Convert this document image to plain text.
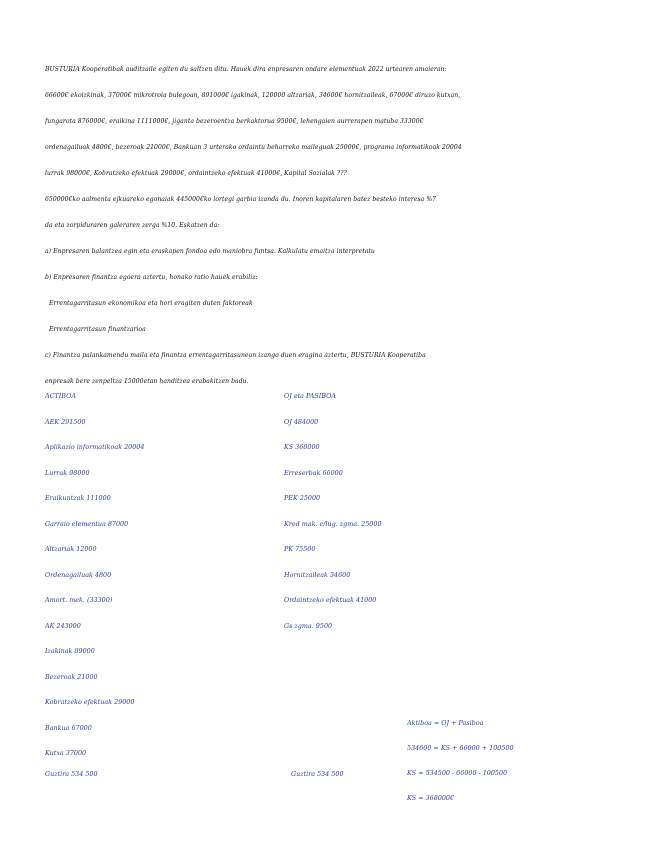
BUSTURIA Kooperatibak auditzaile egiten du saltzen ditu. Hauek dira enpresaren ondare elementuak 2022 urtearen amaieran:

66600€ ekoizkinak, 37000€ mikrotroia bulegoan, 891000€ igakinak, 120000 altzariak, 34600€ hornitzaileak, 67000€ diruzo kutxan,

fungarota 876000€, eraikina 1111000€, jiganta bezeroentza berkaktorua 9500€, lehengaien aurrerapen matuba 33300€

ordenagailuak 4800€, bezeroak 21000€, Bankuan 3 urterako ordaintu beharreko maileguak 25000€, programa informatikoak 20004

lurrak 98000€, Kobratzeko efektuak 29000€, ordaintzeko efektuak 41000€, Kapital Sozialak ???

650000€ko aalmenta ejkuareko egonaiak 445000€ko lortegi garbia izanda du. Inoren kapitalaren batez besteko interesa %7

da eta zorpiduraren galeraren zerga %10. Eskatzen da:

a) Enpresaren balantzea egin eta eraskapen fondoa edo maniobra funtsa. Kalkulatu emaitza interpretatu

b) Enpresaren finantza egoera aztertu, honako ratio hauek erabiliz:

Errentagarritasun ekonomikoa eta hori eragiten duten faktoreak

Errentagarritasun finantzarioa

c) Finantza palankamendu maila eta finantza errentagarritasunean izango duen eragina aztertu, BUSTURIA Kooperatiba

enpresak bere zenpeltza 15000etan handitzea erabakitzen badu.

ACTIBOA
AEK 291500
Aplikazio informatikoak 20004
Lurrak 98000
Eraikuntzak 111000
Garraio elementua 87000
Altzariak 12000
Ordenagailuak 4800
Amort. mek. (33300)
AK 243000
Izakinak 89000
Bezeroak 21000
Kobratzeko efektuak 29000
Bankua 67000
Kutxa 37000
OJ eta PASIBOA
OJ 484000
KS 368000
Erreserbak 66000
PEK 25000
Kred mak. e/lug. zgma. 25000
PK 75500
Hornitzaileak 34600
Ordaintzeko efektuak 41000
Gs zgma. 9500
Guztira 534 500	Guztira 534 500
Aktiboa = OJ + Pasiboa
534600 = KS + 66000 + 100500
KS = 534500 - 66000 - 100500
KS = 368000€
